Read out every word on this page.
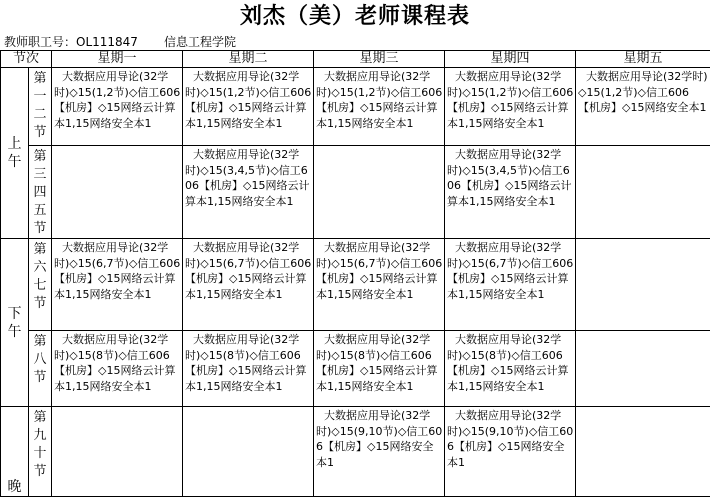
刘杰（美）老师课程表
教师职工号：OL111847 信息工程学院
节次		星期一	星期二	星期三	星期四	星期五
上午	第一二节	大数据应用导论(32学时)◇15(1,2节)◇信工606【机房】◇15网络云计算本1,15网络安全本1	大数据应用导论(32学时)◇15(1,2节)◇信工606【机房】◇15网络云计算本1,15网络安全本1	大数据应用导论(32学时)◇15(1,2节)◇信工606【机房】◇15网络云计算本1,15网络安全本1	大数据应用导论(32学时)◇15(1,2节)◇信工606【机房】◇15网络云计算本1,15网络安全本1	大数据应用导论(32学时)◇15(1,2节)◇信工606【机房】◇15网络安全本1

	第三四五节		大数据应用导论(32学时)◇15(3,4,5节)◇信工606【机房】◇15网络云计算本1,15网络安全本1		大数据应用导论(32学时)◇15(3,4,5节)◇信工606【机房】◇15网络云计算本1,15网络安全本1	

下午	第六七节	大数据应用导论(32学时)◇15(6,7节)◇信工606【机房】◇15网络云计算本1,15网络安全本1	大数据应用导论(32学时)◇15(6,7节)◇信工606【机房】◇15网络云计算本1,15网络安全本1	大数据应用导论(32学时)◇15(6,7节)◇信工606【机房】◇15网络云计算本1,15网络安全本1	大数据应用导论(32学时)◇15(6,7节)◇信工606【机房】◇15网络云计算本1,15网络安全本1	

	第八节	大数据应用导论(32学时)◇15(8节)◇信工606【机房】◇15网络云计算本1,15网络安全本1	大数据应用导论(32学时)◇15(8节)◇信工606【机房】◇15网络云计算本1,15网络安全本1	大数据应用导论(32学时)◇15(8节)◇信工606【机房】◇15网络云计算本1,15网络安全本1	大数据应用导论(32学时)◇15(8节)◇信工606【机房】◇15网络云计算本1,15网络安全本1	

晚	第九十节			大数据应用导论(32学时)◇15(9,10节)◇信工606【机房】◇15网络安全本1	大数据应用导论(32学时)◇15(9,10节)◇信工606【机房】◇15网络安全本1	
